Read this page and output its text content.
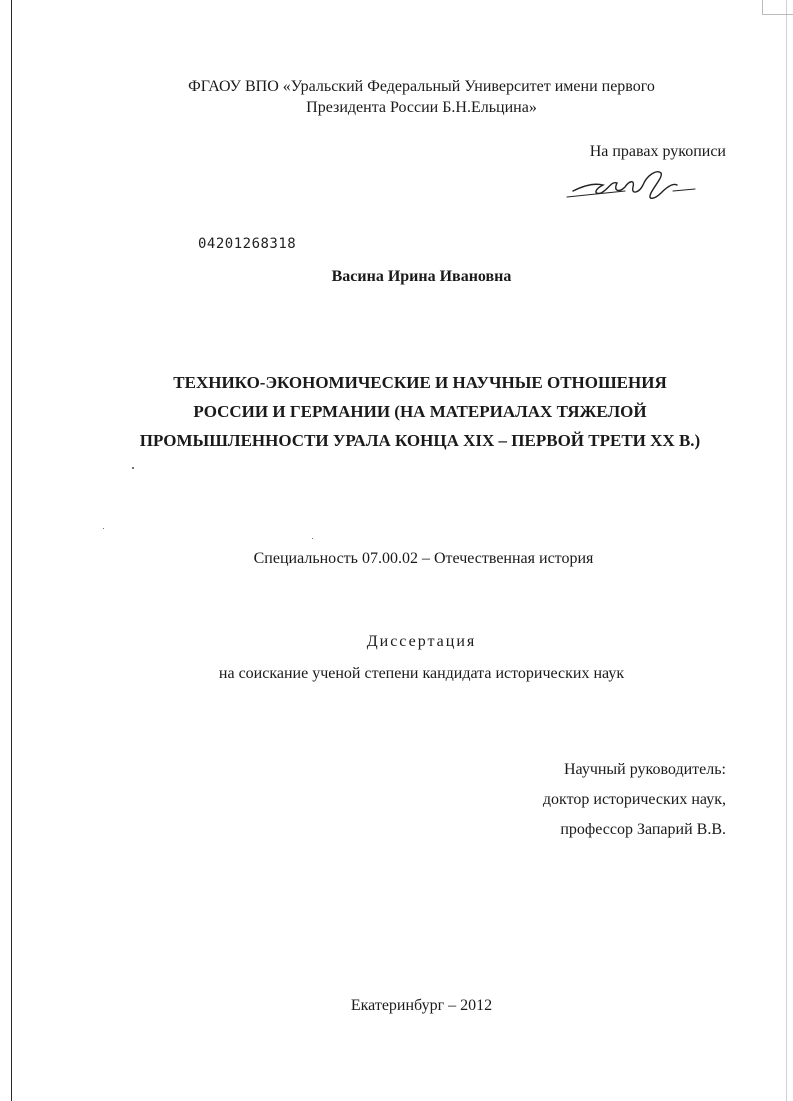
ФГАОУ ВПО «Уральский Федеральный Университет имени первого
Президента России Б.Н.Ельцина»
На правах рукописи
04201268318
Васина Ирина Ивановна
ТЕХНИКО-ЭКОНОМИЧЕСКИЕ И НАУЧНЫЕ ОТНОШЕНИЯ
РОССИИ И ГЕРМАНИИ (НА МАТЕРИАЛАХ ТЯЖЕЛОЙ
ПРОМЫШЛЕННОСТИ УРАЛА КОНЦА XIX – ПЕРВОЙ ТРЕТИ XX В.)
Специальность 07.00.02 – Отечественная история
Диссертация
на соискание ученой степени кандидата исторических наук
Научный руководитель:
доктор исторических наук,
профессор Запарий В.В.
Екатеринбург – 2012
